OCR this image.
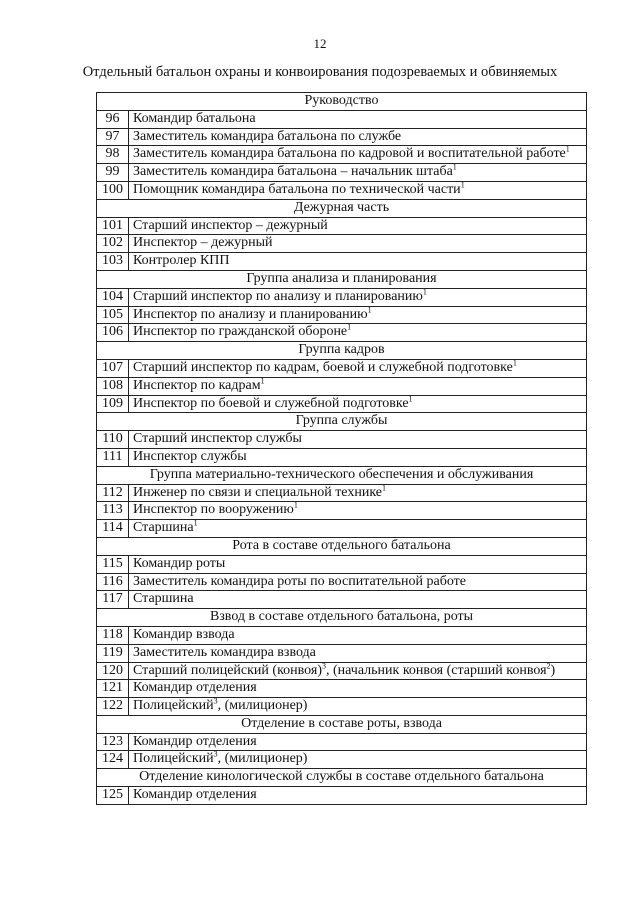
12
Отдельный батальон охраны и конвоирования подозреваемых и обвиняемых
Руководство	
96	Командир батальона
97	Заместитель командира батальона по службе
98	Заместитель командира батальона по кадровой и воспитательной работе$^1$
99	Заместитель командира батальона – начальник штаба$^1$
100	Помощник командира батальона по технической части$^1$
Дежурная часть	
101	Старший инспектор – дежурный
102	Инспектор – дежурный
103	Контролер КПП
Группа анализа и планирования	
104	Старший инспектор по анализу и планированию$^1$
105	Инспектор по анализу и планированию$^1$
106	Инспектор по гражданской обороне$^1$
Группа кадров	
107	Старший инспектор по кадрам, боевой и служебной подготовке$^1$
108	Инспектор по кадрам$^1$
109	Инспектор по боевой и служебной подготовке$^1$
Группа службы	
110	Старший инспектор службы
111	Инспектор службы
Группа материально-технического обеспечения и обслуживания	
112	Инженер по связи и специальной технике$^1$
113	Инспектор по вооружению$^1$
114	Старшина$^1$
Рота в составе отдельного батальона	
115	Командир роты
116	Заместитель командира роты по воспитательной работе
117	Старшина
Взвод в составе отдельного батальона, роты	
118	Командир взвода
119	Заместитель командира взвода
120	Старший полицейский (конвоя)$^3$, (начальник конвоя (старший конвоя$^2$)
121	Командир отделения
122	Полицейский$^3$, (милиционер)
Отделение в составе роты, взвода	
123	Командир отделения
124	Полицейский$^3$, (милиционер)
Отделение кинологической службы в составе отдельного батальона	
125	Командир отделения
